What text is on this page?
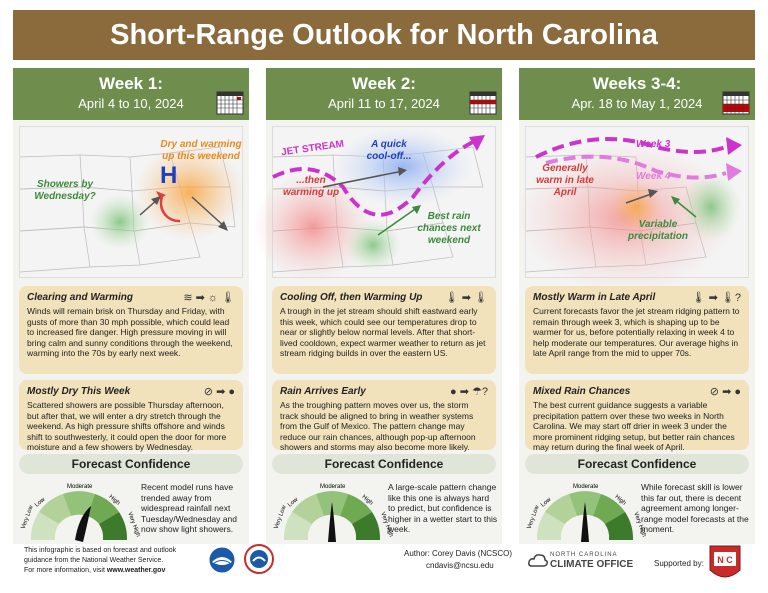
Short-Range Outlook for North Carolina
Week 1:
April 4 to 10, 2024
Dry and warming up this weekend
H
Showers by Wednesday?
Clearing and Warming	≋ ➡ ☼ 🌡
Winds will remain brisk on Thursday and Friday, with gusts of more than 30 mph possible, which could lead to increased fire danger. High pressure moving in will bring calm and sunny conditions through the weekend, warming into the 70s by early next week.
Mostly Dry This Week	⊘ ➡ ●
Scattered showers are possible Thursday afternoon, but after that, we will enter a dry stretch through the weekend. As high pressure shifts offshore and winds shift to southwesterly, it could open the door for more moisture and a few showers by Wednesday.
Forecast Confidence
Very Low
Low
Moderate
High
Very High
Recent model runs have trended away from widespread rainfall next Tuesday/Wednesday and now show light showers.
Week 2:
April 11 to 17, 2024
JET STREAM	A quick cool-off...
...then warming up
Best rain chances next weekend
Cooling Off, then Warming Up	🌡 ➡ 🌡
A trough in the jet stream should shift eastward early this week, which could see our temperatures drop to near or slightly below normal levels. After that short-lived cooldown, expect warmer weather to return as jet stream ridging builds in over the eastern US.
Rain Arrives Early	● ➡ ☂?
As the troughing pattern moves over us, the storm track should be aligned to bring in weather systems from the Gulf of Mexico. The pattern change may reduce our rain chances, although pop-up afternoon showers and storms may also become more likely.
Forecast Confidence
Very Low
Low
Moderate
High
Very High
A large-scale pattern change like this one is always hard to predict, but confidence is higher in a wetter start to this week.
Weeks 3-4:
Apr. 18 to May 1, 2024
Week 3
Generally warm in late April
Week 4
Variable precipitation
Mostly Warm in Late April	🌡 ➡ 🌡?
Current forecasts favor the jet stream ridging pattern to remain through week 3, which is shaping up to be warmer for us, before potentially relaxing in week 4 to help moderate our temperatures. Our average highs in late April range from the mid to upper 70s.
Mixed Rain Chances	⊘ ➡ ●
The best current guidance suggests a variable precipitation pattern over these two weeks in North Carolina. We may start off drier in week 3 under the more prominent ridging setup, but better rain chances may return during the final week of April.
Forecast Confidence
Very Low
Low
Moderate
High
Very High
While forecast skill is lower this far out, there is decent agreement among longer-range model forecasts at the moment.
This infographic is based on forecast and outlook guidance from the National Weather Service.
For more information, visit www.weather.gov
Author: Corey Davis (NCSCO)
cndavis@ncsu.edu
NORTH CAROLINA
CLIMATE OFFICE	Supported by: N C
